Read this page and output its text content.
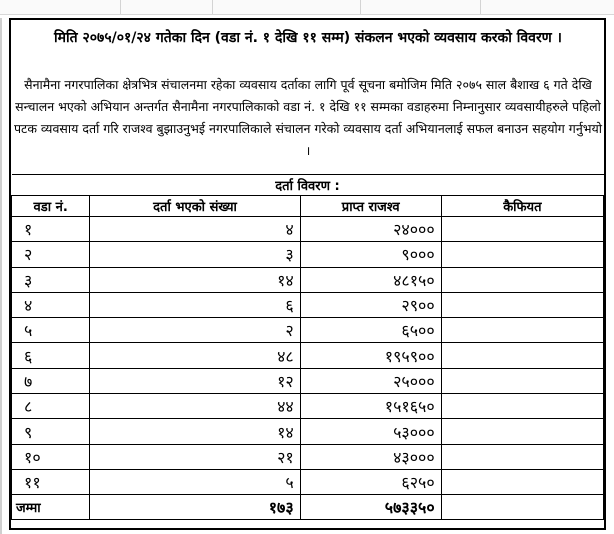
मिति २०७५/०१/२४ गतेका दिन (वडा नं. १ देखि ११ सम्म) संकलन भएको व्यवसाय करको विवरण ।
सैनामैना नगरपालिका क्षेत्रभित्र संचालनमा रहेका व्यवसाय दर्ताका लागि पूर्व सूचना बमोजिम मिति २०७५ साल बैशाख ६ गते देखि सन्चालन भएको अभियान अन्तर्गत सैनामैना नगरपालिकाको वडा नं. १ देखि ११ सम्मका वडाहरुमा निम्नानुसार व्यवसायीहरुले पहिलो पटक व्यवसाय दर्ता गरि राजश्व बुझाउनुभई नगरपालिकाले संचालन गरेको व्यवसाय दर्ता अभियानलाई सफल बनाउन सहयोग गर्नुभयो ।
दर्ता विवरण :			
वडा नं.	दर्ता भएको संख्या	प्राप्त राजश्व	कैफियत
१	४	२४०००	
२	३	९०००	
३	१४	४८१५०	
४	६	२९००	
५	२	६५००	
६	४८	१९५९००	
७	१२	२५०००	
८	४४	१५१६५०	
९	१४	५३०००	
१०	२१	४३०००	
११	५	६२५०	
जम्मा	१७३	५७३३५०	
